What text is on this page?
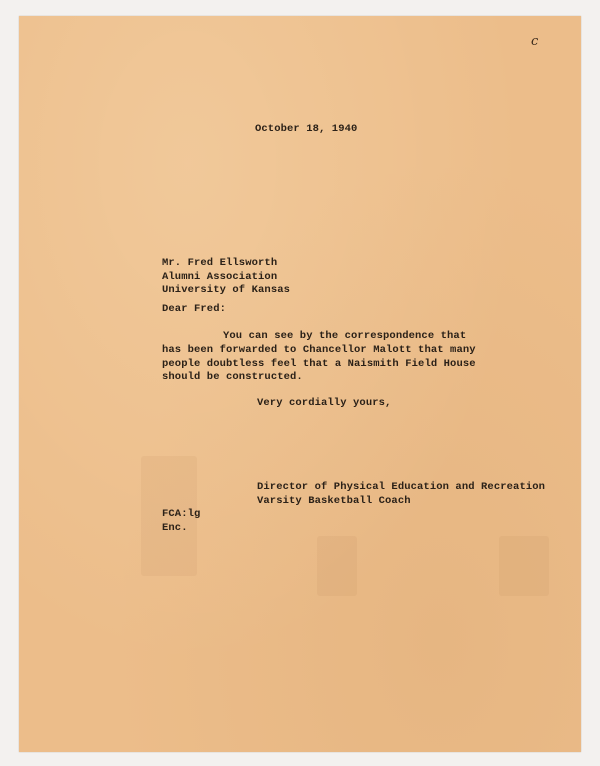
c
October 18, 1940
Mr. Fred Ellsworth
Alumni Association
University of Kansas
Dear Fred:
You can see by the correspondence that
has been forwarded to Chancellor Malott that many
people doubtless feel that a Naismith Field House
should be constructed.
Very cordially yours,
Director of Physical Education and Recreation
Varsity Basketball Coach
FCA:lg
Enc.
